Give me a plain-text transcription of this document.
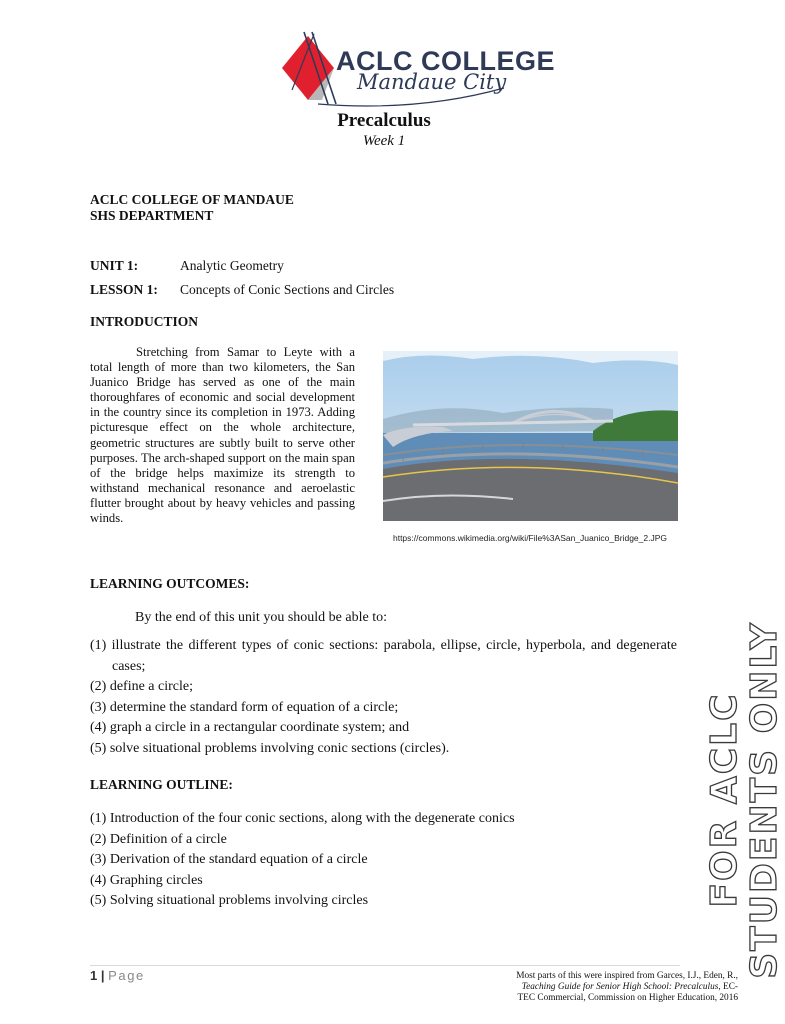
ACLC COLLEGE
Mandaue City
Precalculus
Week 1
ACLC COLLEGE OF MANDAUE
SHS DEPARTMENT
UNIT 1:	Analytic Geometry
LESSON 1: Concepts of Conic Sections and Circles
INTRODUCTION
Stretching from Samar to Leyte with a total length of more than two kilometers, the San Juanico Bridge has served as one of the main thoroughfares of economic and social development in the country since its completion in 1973. Adding picturesque effect on the whole architecture, geometric structures are subtly built to serve other purposes. The arch-shaped support on the main span of the bridge helps maximize its strength to withstand mechanical resonance and aeroelastic flutter brought about by heavy vehicles and passing winds.
https://commons.wikimedia.org/wiki/File%3ASan_Juanico_Bridge_2.JPG
LEARNING OUTCOMES:
By the end of this unit you should be able to:
(1) illustrate the different types of conic sections: parabola, ellipse, circle, hyperbola, and degenerate cases;
(2) define a circle;
(3) determine the standard form of equation of a circle;
(4) graph a circle in a rectangular coordinate system; and
(5) solve situational problems involving conic sections (circles).
LEARNING OUTLINE:
(1) Introduction of the four conic sections, along with the degenerate conics
(2) Definition of a circle
(3) Derivation of the standard equation of a circle
(4) Graphing circles
(5) Solving situational problems involving circles	FOR ACLC STUDENTS ONLY
1 | Page	Most parts of this were inspired from Garces, I.J., Eden, R.,
Teaching Guide for Senior High School: Precalculus, EC-
TEC Commercial, Commission on Higher Education, 2016
